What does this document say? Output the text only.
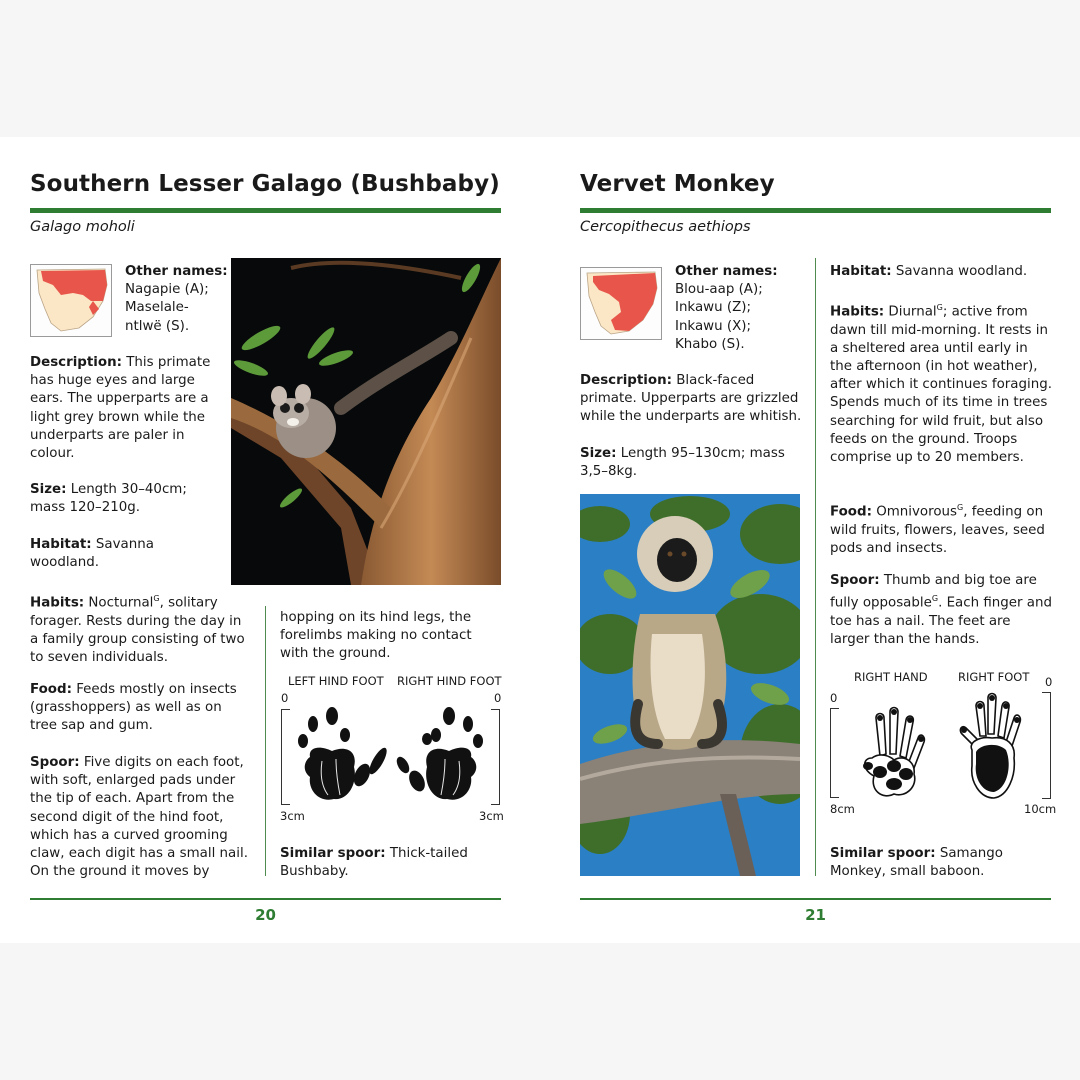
Southern Lesser Galago (Bushbaby)
Galago moholi
Other names:
Nagapie (A);
Maselale-
ntlwë (S).
Description: This primate has huge eyes and large ears. The upperparts are a light grey brown while the underparts are paler in colour.
Size: Length 30–40cm; mass 120–210g.
Habitat: Savanna woodland.
Habits: Nocturnal$^G$, solitary forager. Rests during the day in a family group consisting of two to seven individuals.
Food: Feeds mostly on insects (grasshoppers) as well as on tree sap and gum.
Spoor: Five digits on each foot, with soft, enlarged pads under the tip of each. Apart from the second digit of the hind foot, which has a curved grooming claw, each digit has a small nail. On the ground it moves by
hopping on its hind legs, the forelimbs making no contact with the ground.
LEFT HIND FOOT RIGHT HIND FOOT
0	0
3cm	3cm
Similar spoor: Thick-tailed Bushbaby.
20
Vervet Monkey
Cercopithecus aethiops
Other names:
Blou-aap (A);
Inkawu (Z);
Inkawu (X);
Khabo (S).
Description: Black-faced primate. Upperparts are grizzled while the underparts are whitish.
Size: Length 95–130cm; mass 3,5–8kg.
Habitat: Savanna woodland.
Habits: Diurnal$^G$; active from dawn till mid-morning. It rests in a sheltered area until early in the afternoon (in hot weather), after which it continues foraging. Spends much of its time in trees searching for wild fruit, but also feeds on the ground. Troops comprise up to 20 members.
Food: Omnivorous$^G$, feeding on wild fruits, flowers, leaves, seed pods and insects.
Spoor: Thumb and big toe are fully opposable$^G$. Each finger and toe has a nail. The feet are larger than the hands.
RIGHT HAND	RIGHT FOOT
0
0
8cm	10cm
Similar spoor: Samango Monkey, small baboon.
21
